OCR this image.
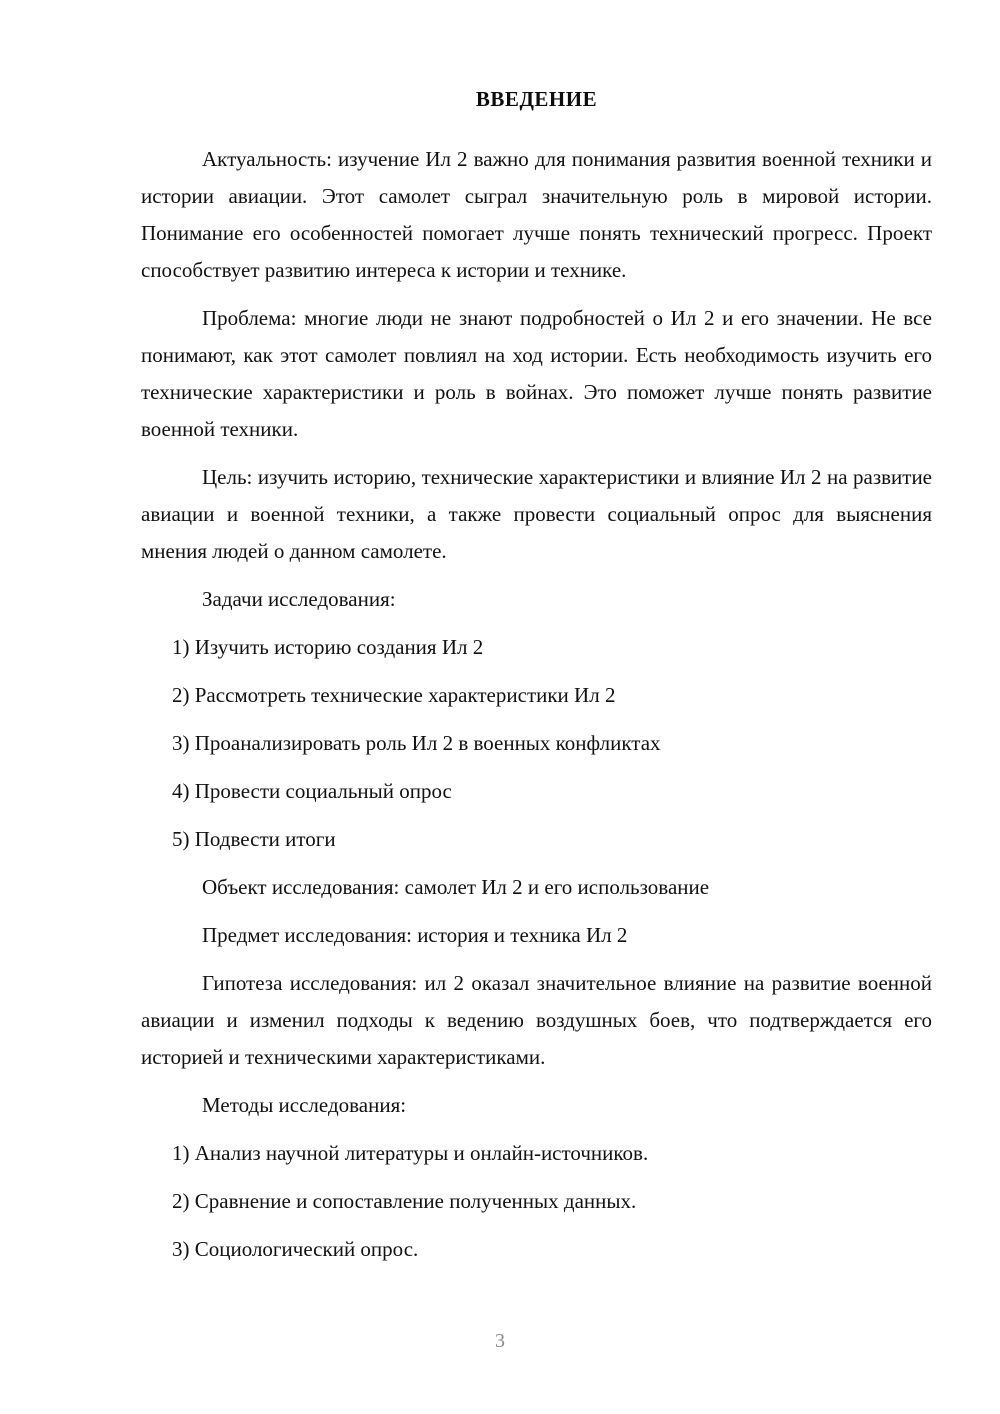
ВВЕДЕНИЕ

Актуальность: изучение Ил 2 важно для понимания развития военной техники и истории авиации. Этот самолет сыграл значительную роль в мировой истории. Понимание его особенностей помогает лучше понять технический прогресс. Проект способствует развитию интереса к истории и технике.

Проблема: многие люди не знают подробностей о Ил 2 и его значении. Не все понимают, как этот самолет повлиял на ход истории. Есть необходимость изучить его технические характеристики и роль в войнах. Это поможет лучше понять развитие военной техники.

Цель: изучить историю, технические характеристики и влияние Ил 2 на развитие авиации и военной техники, а также провести социальный опрос для выяснения мнения людей о данном самолете.

Задачи исследования:

1) Изучить историю создания Ил 2
2) Рассмотреть технические характеристики Ил 2
3) Проанализировать роль Ил 2 в военных конфликтах
4) Провести социальный опрос
5) Подвести итоги

Объект исследования: самолет Ил 2 и его использование

Предмет исследования: история и техника Ил 2

Гипотеза исследования: ил 2 оказал значительное влияние на развитие военной авиации и изменил подходы к ведению воздушных боев, что подтверждается его историей и техническими характеристиками.

Методы исследования:

1) Анализ научной литературы и онлайн-источников.
2) Сравнение и сопоставление полученных данных.
3) Социологический опрос.
3
